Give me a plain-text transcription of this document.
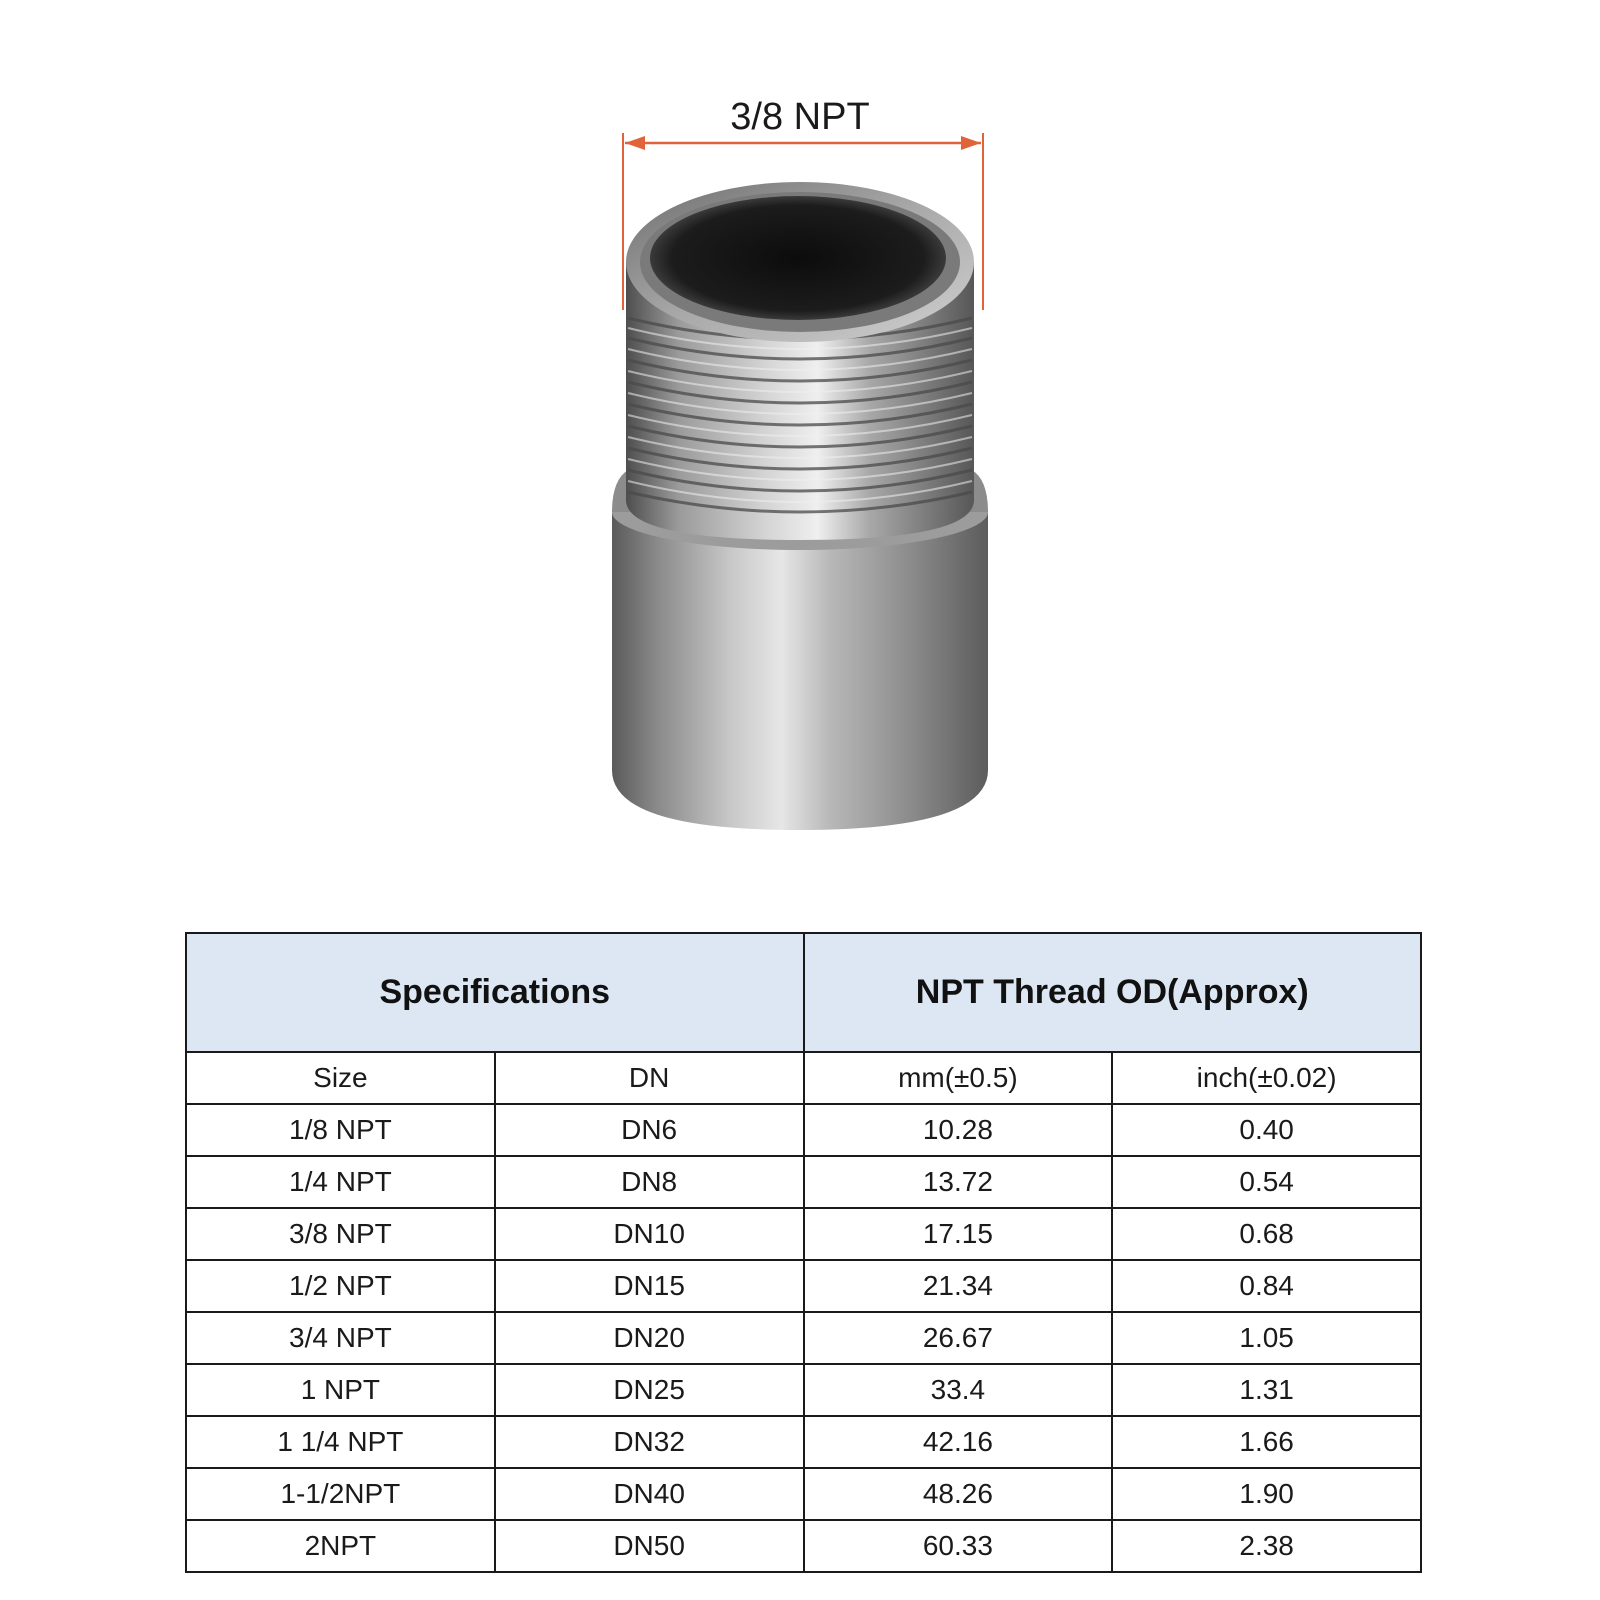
3/8 NPT
Specifications		NPT Thread OD(Approx)	
Size	DN	mm(±0.5)	inch(±0.02)
1/8 NPT	DN6	10.28	0.40
1/4 NPT	DN8	13.72	0.54
3/8 NPT	DN10	17.15	0.68
1/2 NPT	DN15	21.34	0.84
3/4 NPT	DN20	26.67	1.05
1 NPT	DN25	33.4	1.31
1 1/4 NPT	DN32	42.16	1.66
1-1/2NPT	DN40	48.26	1.90
2NPT	DN50	60.33	2.38
